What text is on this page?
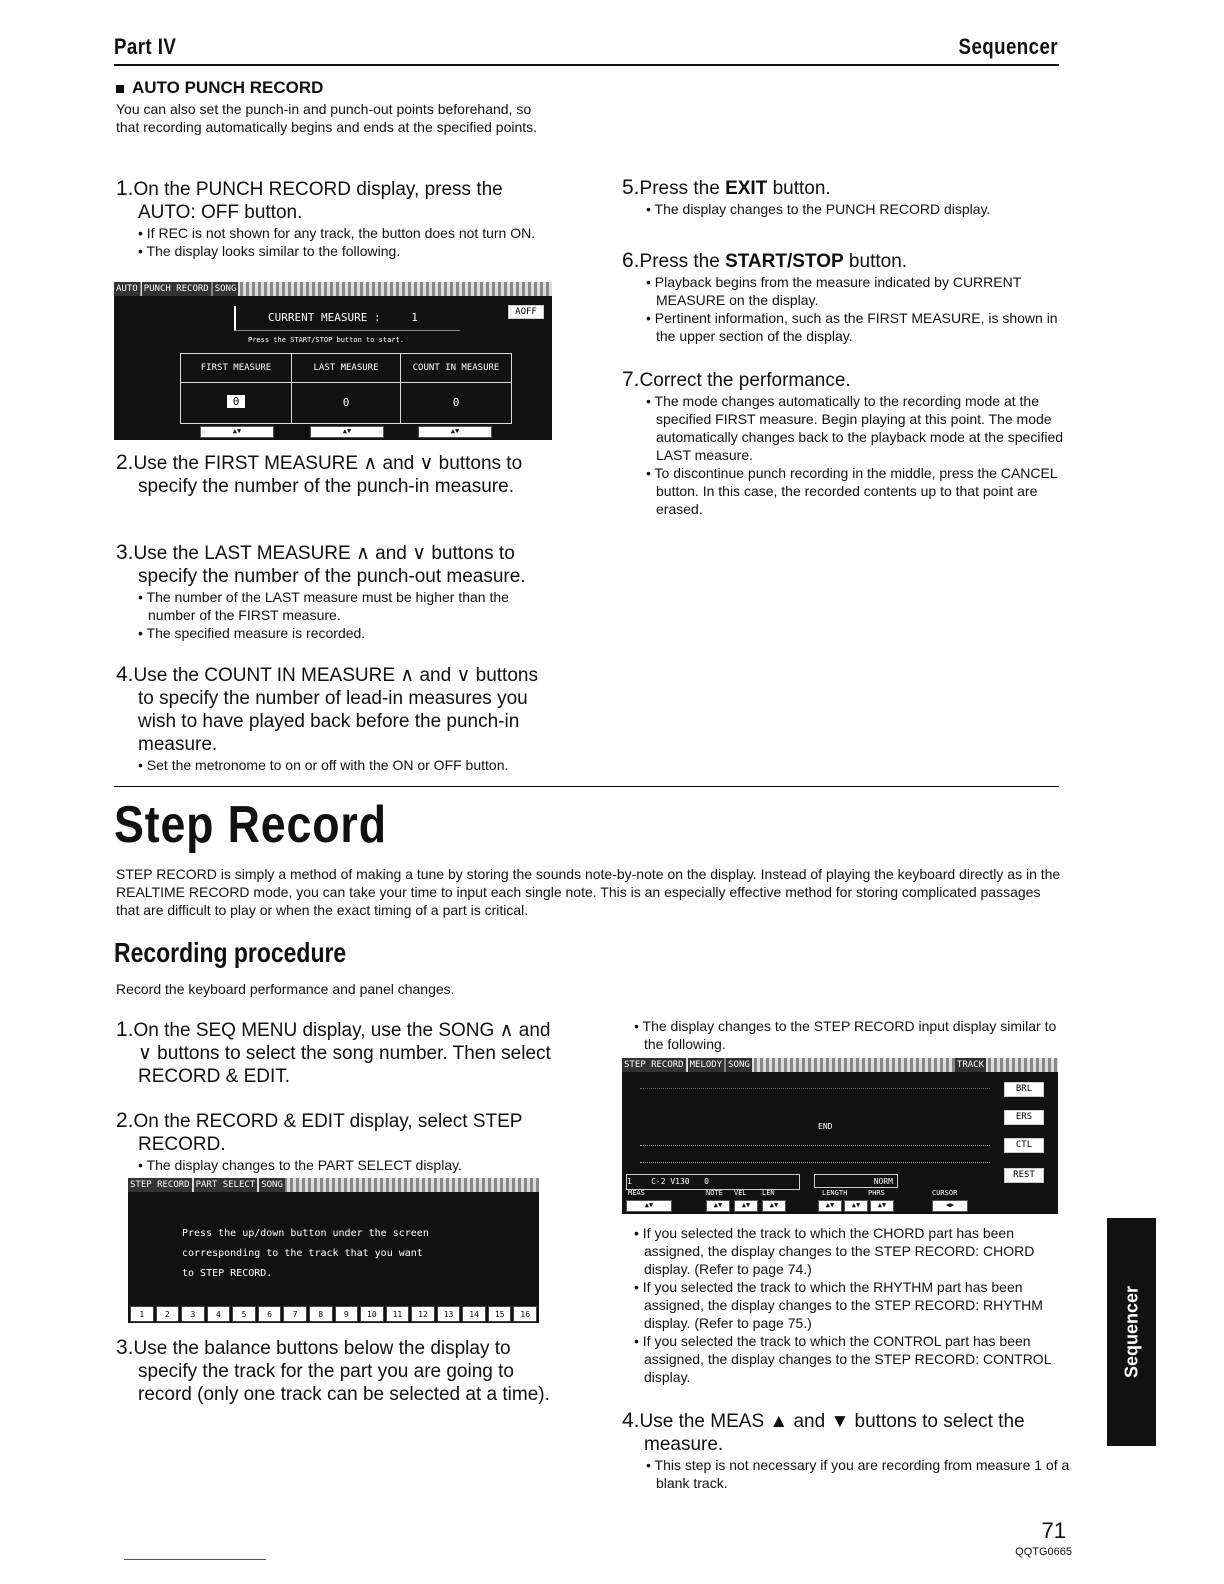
Part IV	Sequencer
AUTO PUNCH RECORD
You can also set the punch-in and punch-out points beforehand, so that recording automatically begins and ends at the specified points.
1.On the PUNCH RECORD display, press the AUTO: OFF button.
• If REC is not shown for any track, the button does not turn ON.
• The display looks similar to the following.
AUTO PUNCH RECORD SONG
CURRENT MEASURE :	1	AOFF
Press the START/STOP button to start.
FIRST MEASURE	LAST MEASURE	COUNT IN MEASURE
0	0	0
▲▼	▲▼	▲▼
2.Use the FIRST MEASURE ∧ and ∨ buttons to specify the number of the punch-in measure.
3.Use the LAST MEASURE ∧ and ∨ buttons to specify the number of the punch-out measure.
• The number of the LAST measure must be higher than the number of the FIRST measure.
• The specified measure is recorded.
4.Use the COUNT IN MEASURE ∧ and ∨ buttons to specify the number of lead-in measures you wish to have played back before the punch-in measure.
• Set the metronome to on or off with the ON or OFF button.
5.Press the EXIT button.
• The display changes to the PUNCH RECORD display.
6.Press the START/STOP button.
• Playback begins from the measure indicated by CURRENT MEASURE on the display.
• Pertinent information, such as the FIRST MEASURE, is shown in the upper section of the display.
7.Correct the performance.
• The mode changes automatically to the recording mode at the specified FIRST measure. Begin playing at this point. The mode automatically changes back to the playback mode at the specified LAST measure.
• To discontinue punch recording in the middle, press the CANCEL button. In this case, the recorded contents up to that point are erased.
Step Record
STEP RECORD is simply a method of making a tune by storing the sounds note-by-note on the display. Instead of playing the keyboard directly as in the REALTIME RECORD mode, you can take your time to input each single note. This is an especially effective method for storing complicated passages that are difficult to play or when the exact timing of a part is critical.
Recording procedure
Record the keyboard performance and panel changes.
1.On the SEQ MENU display, use the SONG ∧ and ∨ buttons to select the song number. Then select RECORD & EDIT.
2.On the RECORD & EDIT display, select STEP RECORD.
• The display changes to the PART SELECT display.
STEP RECORD PART SELECT SONG
Press the up/down button under the screen
corresponding to the track that you want
to STEP RECORD.
1	2	3	4	5	6	7	8	9	10	11	12	13	14	15	16
3.Use the balance buttons below the display to specify the track for the part you are going to record (only one track can be selected at a time).
• The display changes to the STEP RECORD input display similar to the following.
STEP RECORD MELODY SONG	TRACK
END
BRL
ERS
CTL
REST
1    C-2 V130   0	NORM
MEAS	NOTE VEL LEN	LENGTH	PHRS	CURSOR
▲▼	▲▼	▲▼	▲▼	▲▼	▲▼	▲▼	◀▶
• If you selected the track to which the CHORD part has been assigned, the display changes to the STEP RECORD: CHORD display. (Refer to page 74.)
• If you selected the track to which the RHYTHM part has been assigned, the display changes to the STEP RECORD: RHYTHM display. (Refer to page 75.)
• If you selected the track to which the CONTROL part has been assigned, the display changes to the STEP RECORD: CONTROL display.
4.Use the MEAS ▲ and ▼ buttons to select the measure.
• This step is not necessary if you are recording from measure 1 of a blank track.
Sequencer
71
QQTG0665
